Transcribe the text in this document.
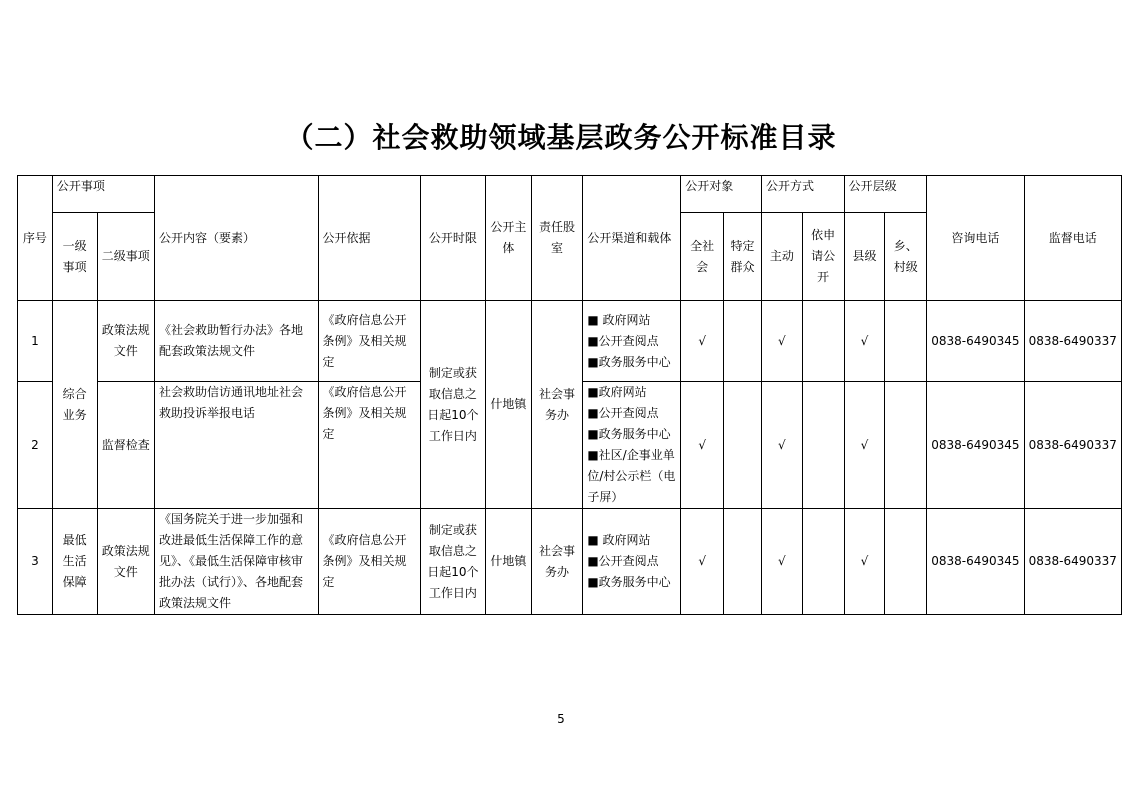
（二）社会救助领域基层政务公开标准目录
序号	公开事项		公开内容（要素）	公开依据	公开时限	公开主体	责任股室	公开渠道和载体	公开对象		公开方式		公开层级		咨询电话	监督电话
	一级事项	二级事项							全社会	特定群众	主动	依申请公开	县级	乡、村级		
1	综合业务	政策法规文件	《社会救助暂行办法》各地配套政策法规文件	《政府信息公开条例》及相关规定	制定或获取信息之日起10个工作日内	什地镇	社会事务办	■ 政府网站
■公开查阅点
■政务服务中心	√		√		√		0838-6490345	0838-6490337
2		监督检查	社会救助信访通讯地址社会救助投诉举报电话	《政府信息公开条例》及相关规定				■政府网站
■公开查阅点
■政务服务中心
■社区/企事业单位/村公示栏（电子屏）	√		√		√		0838-6490345	0838-6490337
3	最低生活保障	政策法规文件	《国务院关于进一步加强和改进最低生活保障工作的意见》、《最低生活保障审核审批办法（试行）》、各地配套政策法规文件	《政府信息公开条例》及相关规定	制定或获取信息之日起10个工作日内	什地镇	社会事务办	■ 政府网站
■公开查阅点
■政务服务中心	√		√		√		0838-6490345	0838-6490337
5
